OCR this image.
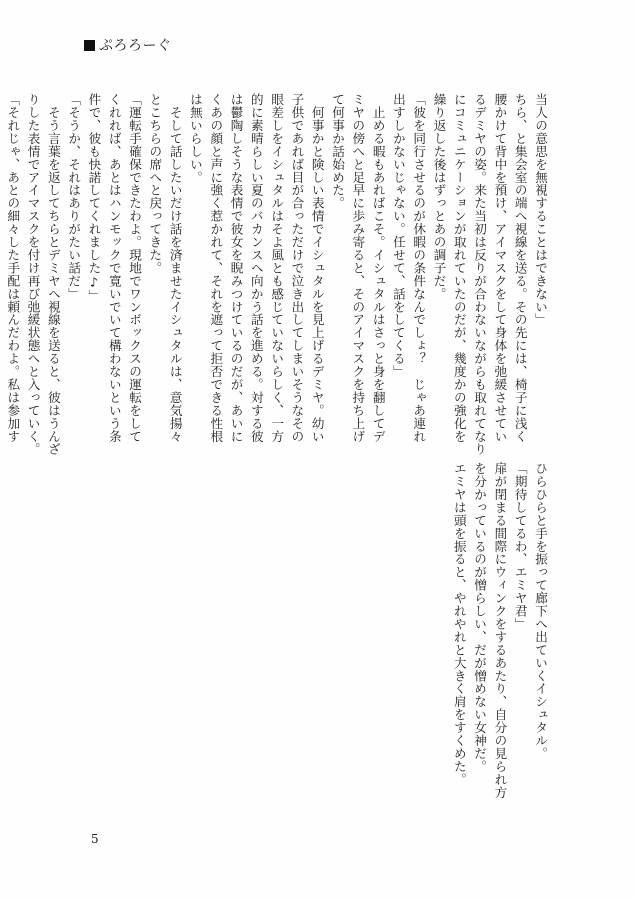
ぷろろーぐ

当人の意思を無視することはできない」

ちら、と集会室の端へ視線を送る。その先には、椅子に浅く

腰かけて背中を預け、アイマスクをして身体を弛緩させてい

るデミヤの姿。来た当初は反りが合わないながらも取れてなり

にコミュニケーションが取れていたのだが、幾度かの強化を

繰り返した後はずっとあの調子だ。

「彼を同行させるのが休暇の条件なんでしょ？　じゃあ連れ

出すしかないじゃない。任せて、話をしてくる」

　止める暇もあればこそ。イシュタルはさっと身を翻してデ

ミヤの傍へと足早に歩み寄ると、そのアイマスクを持ち上げ

て何事か話始めた。

　何事かと険しい表情でイシュタルを見上げるデミヤ。幼い

子供であれば目が合っただけで泣き出してしまいそうなその

眼差しをイシュタルはそよ風とも感じていないらしく、一方

的に素晴らしい夏のバカンスへ向かう話を進める。対する彼

は鬱陶しそうな表情で彼女を睨みつけているのだが、あいに

くあの顔と声に強く惹かれて、それを遮って拒否できる性根

は無いらしい。

　そして話したいだけ話を済ませたイシュタルは、意気揚々

とこちらの席へと戻ってきた。

「運転手確保できたわよ。現地でワンボックスの運転をして

くれれば、あとはハンモックで寛いでいて構わないという条

件で、彼も快諾してくれました♪」

「そうか、それはありがたい話だ」

　そう言葉を返してちらとデミヤへ視線を送ると、彼はうんざ

りした表情でアイマスクを付け再び弛緩状態へと入っていく。

「それじゃ、あとの細々した手配は頼んだわよ。私は参加す

ひらひらと手を振って廊下へ出ていくイシュタル。

「期待してるわ、エミヤ君」

扉が閉まる間際にウィンクをするあたり、自分の見られ方

を分かっているのが憎らしい、だが憎めない女神だ。

エミヤは頭を振ると、やれやれと大きく肩をすくめた。

5
